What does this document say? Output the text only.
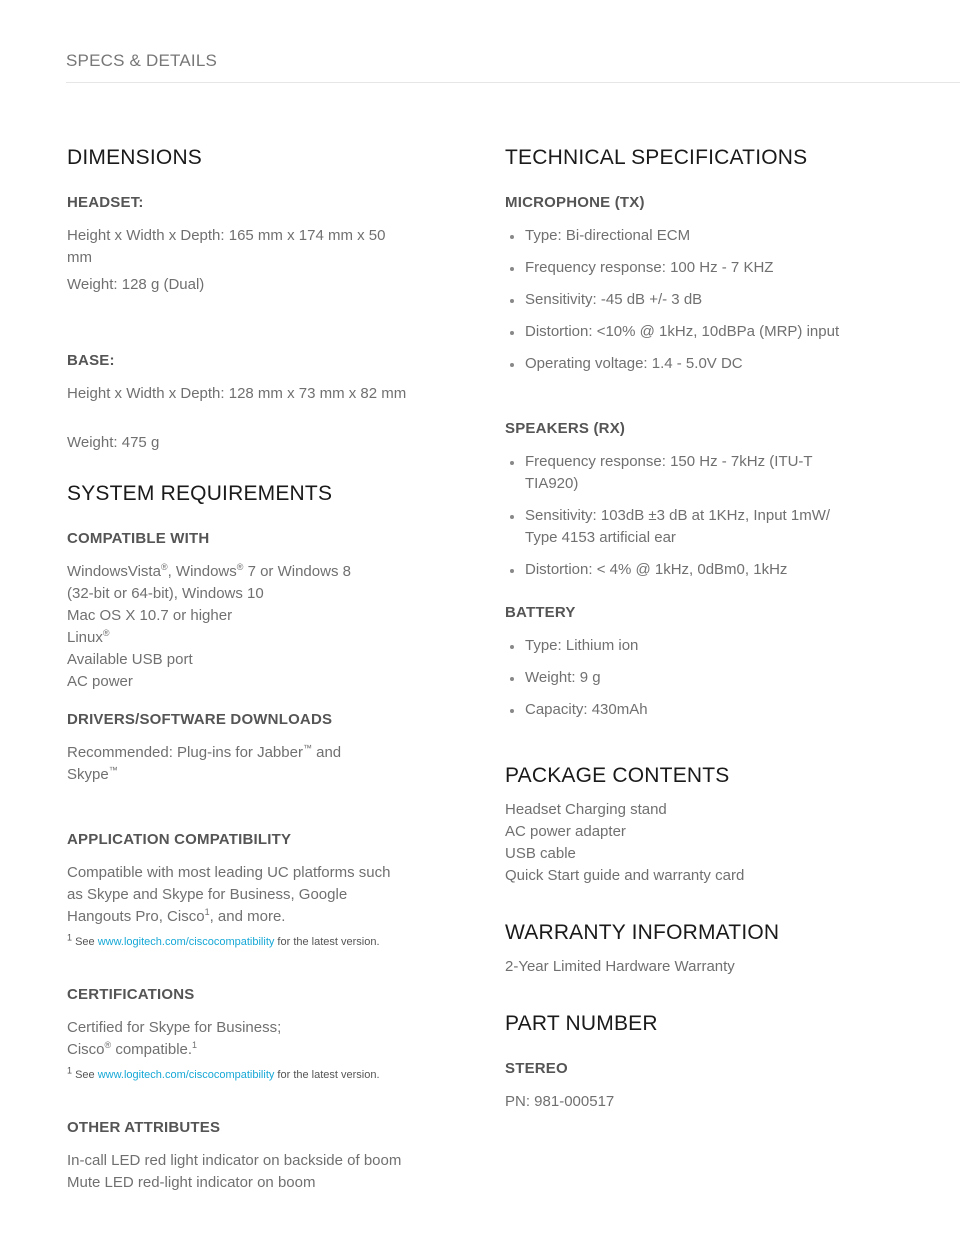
SPECS & DETAILS
DIMENSIONS
HEADSET:

Height x Width x Depth: 165 mm x 174 mm x 50 mm

Weight: 128 g (Dual)

BASE:

Height x Width x Depth: 128 mm x 73 mm x 82 mm

Weight: 475 g

SYSTEM REQUIREMENTS
COMPATIBLE WITH
WindowsVista®, Windows® 7 or Windows 8
(32-bit or 64-bit), Windows 10
Mac OS X 10.7 or higher
Linux®
Available USB port
AC power
DRIVERS/SOFTWARE DOWNLOADS
Recommended: Plug-ins for Jabber™ and
Skype™
APPLICATION COMPATIBILITY

Compatible with most leading UC platforms such as Skype and Skype for Business, Google Hangouts Pro, Cisco$^1$, and more.

$^1$ See www.logitech.com/ciscocompatibility for the latest version.

CERTIFICATIONS
Certified for Skype for Business;
Cisco® compatible.$^1$

$^1$ See www.logitech.com/ciscocompatibility for the latest version.

OTHER ATTRIBUTES
In-call LED red light indicator on backside of boom
Mute LED red-light indicator on boom
TECHNICAL SPECIFICATIONS
MICROPHONE (TX)
Type: Bi-directional ECM
Frequency response: 100 Hz - 7 KHZ
Sensitivity: -45 dB +/- 3 dB
Distortion: <10% @ 1kHz, 10dBPa (MRP) input
Operating voltage: 1.4 - 5.0V DC
SPEAKERS (RX)
Frequency response: 150 Hz - 7kHz (ITU-T TIA920)
Sensitivity: 103dB ±3 dB at 1KHz, Input 1mW/ Type 4153 artificial ear
Distortion: < 4% @ 1kHz, 0dBm0, 1kHz
BATTERY
Type: Lithium ion
Weight: 9 g
Capacity: 430mAh
PACKAGE CONTENTS
Headset Charging stand
AC power adapter
USB cable
Quick Start guide and warranty card
WARRANTY INFORMATION

2-Year Limited Hardware Warranty

PART NUMBER
STEREO

PN: 981-000517
